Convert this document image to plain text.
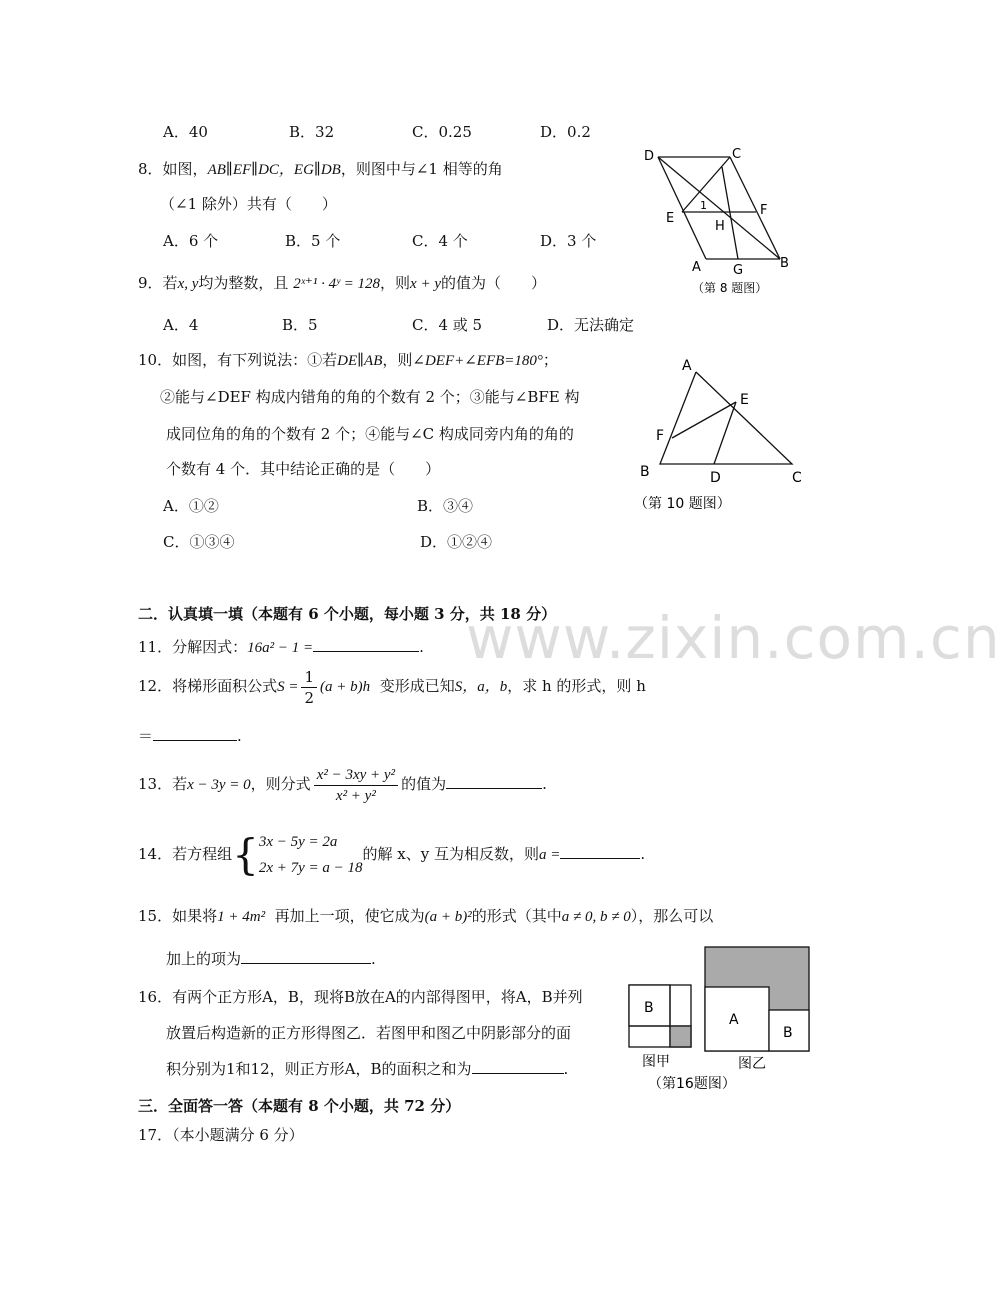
A．40	B．32	C．0.25	D．0.2
8．如图，AB∥EF∥DC，EG∥DB，则图中与∠1 相等的角
（∠1 除外）共有（　　）
A．6 个	B．5 个	C．4 个	D．3 个
D	C
1
E
F
H
A G	B
（第 8 题图）
9．若x, y均为整数，且 2ˣ⁺¹ · 4ʸ = 128，则x + y的值为（　　）
A．4	B．5	C．4 或 5	D．无法确定
10．如图，有下列说法：①若DE∥AB，则∠DEF+∠EFB=180°；
②能与∠DEF 构成内错角的角的个数有 2 个；③能与∠BFE 构
成同位角的角的个数有 2 个；④能与∠C 构成同旁内角的角的
个数有 4 个．其中结论正确的是（　　）
A．①②	B．③④
C．①③④	D．①②④
A
E
F
B	D	C
（第 10 题图）
二．认真填一填（本题有 6 个小题，每小题 3 分，共 18 分）
11．分解因式：16a² − 1 =	.
12．将梯形面积公式$S = \frac{1}{2} (a + b)h$ 变形成已知S，a，b，求 h 的形式，则 h
＝	.
13．若x − 3y = 0，则分式 $\frac{\text{x² − 3xy + y²}}{\text{x² + y²}}$ 的值为	.
14．若方程组{ 3x − 5y = 2a
2x + 7y = a − 18
的解 x、y 互为相反数，则a =	.
15．如果将1 + 4m² 再加上一项，使它成为(a + b)²的形式（其中a ≠ 0, b ≠ 0），那么可以
加上的项为	.
16．有两个正方形A，B，现将B放在A的内部得图甲，将A，B并列
放置后构造新的正方形得图乙．若图甲和图乙中阴影部分的面
积分别为1和12，则正方形A，B的面积之和为	.
B
A
B
图甲	图乙
（第16题图）
三．全面答一答（本题有 8 个小题，共 72 分）
17．（本小题满分 6 分）
www.zixin.com.cn
